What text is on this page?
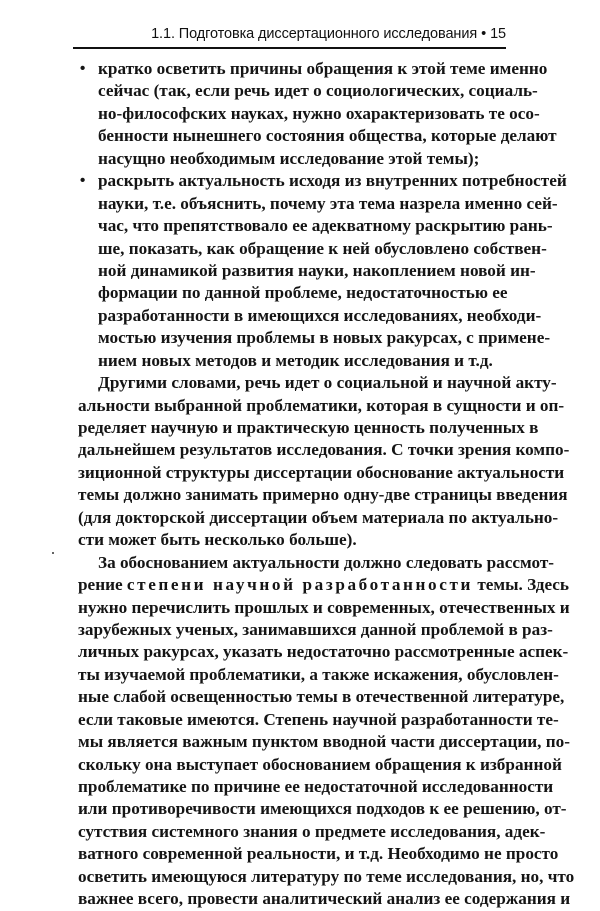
1.1. Подготовка диссертационного исследования • 15
• кратко осветить причины обращения к этой теме именно
сейчас (так, если речь идет о социологических, социаль-
но-философских науках, нужно охарактеризовать те осо-
бенности нынешнего состояния общества, которые делают
насущно необходимым исследование этой темы);
• раскрыть актуальность исходя из внутренних потребностей
науки, т.е. объяснить, почему эта тема назрела именно сей-
час, что препятствовало ее адекватному раскрытию рань-
ше, показать, как обращение к ней обусловлено собствен-
ной динамикой развития науки, накоплением новой ин-
формации по данной проблеме, недостаточностью ее
разработанности в имеющихся исследованиях, необходи-
мостью изучения проблемы в новых ракурсах, с примене-
нием новых методов и методик исследования и т.д.
Другими словами, речь идет о социальной и научной акту-
альности выбранной проблематики, которая в сущности и оп-
ределяет научную и практическую ценность полученных в
дальнейшем результатов исследования. С точки зрения компо-
зиционной структуры диссертации обоснование актуальности
темы должно занимать примерно одну-две страницы введения
(для докторской диссертации объем материала по актуально-
сти может быть несколько больше).
За обоснованием актуальности должно следовать рассмот-
рение степени научной разработанности темы. Здесь
нужно перечислить прошлых и современных, отечественных и
зарубежных ученых, занимавшихся данной проблемой в раз-
личных ракурсах, указать недостаточно рассмотренные аспек-
ты изучаемой проблематики, а также искажения, обусловлен-
ные слабой освещенностью темы в отечественной литературе,
если таковые имеются. Степень научной разработанности те-
мы является важным пунктом вводной части диссертации, по-
скольку она выступает обоснованием обращения к избранной
проблематике по причине ее недостаточной исследованности
или противоречивости имеющихся подходов к ее решению, от-
сутствия системного знания о предмете исследования, адек-
ватного современной реальности, и т.д. Необходимо не просто
осветить имеющуюся литературу по теме исследования, но, что
важнее всего, провести аналитический анализ ее содержания и
